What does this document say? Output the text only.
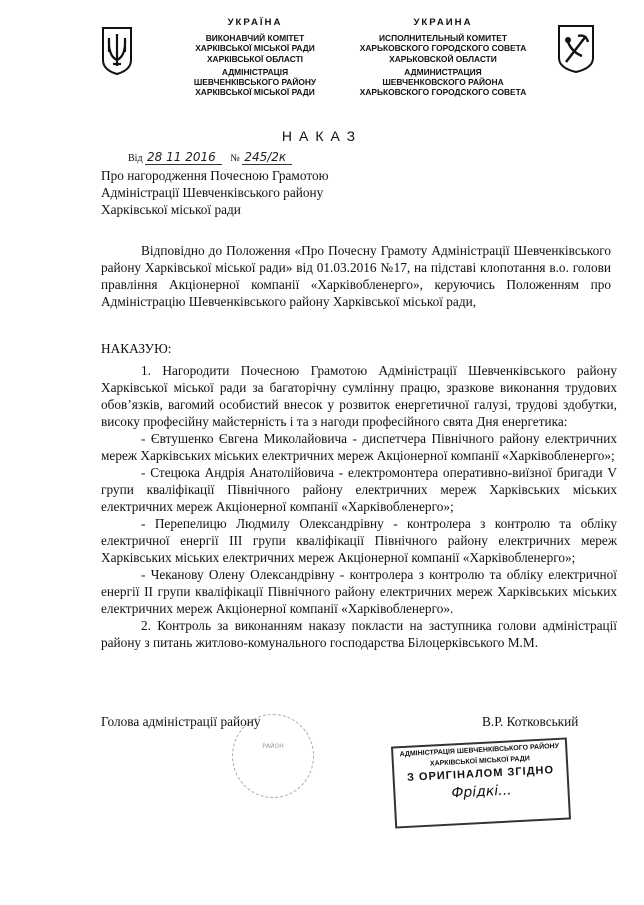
УКРАЇНА
ВИКОНАВЧИЙ КОМІТЕТ
ХАРКІВСЬКОЇ МІСЬКОЇ РАДИ
ХАРКІВСЬКОЇ ОБЛАСТІ
АДМІНІСТРАЦІЯ
ШЕВЧЕНКІВСЬКОГО РАЙОНУ
ХАРКІВСЬКОЇ МІСЬКОЇ РАДИ
УКРАИНА
ИСПОЛНИТЕЛЬНЫЙ КОМИТЕТ
ХАРЬКОВСКОГО ГОРОДСКОГО СОВЕТА
ХАРЬКОВСКОЙ ОБЛАСТИ
АДМИНИСТРАЦИЯ
ШЕВЧЕНКОВСКОГО РАЙОНА
ХАРЬКОВСКОГО ГОРОДСКОГО СОВЕТА
НАКАЗ
Від 28 11 2016 № 245/2к
Про нагородження Почесною Грамотою
Адміністрації Шевченківського району
Харківської міської ради
Відповідно до Положення «Про Почесну Грамоту Адміністрації Шевченківського району Харківської міської ради» від 01.03.2016 №17, на підставі клопотання в.о. голови правління Акціонерної компанії «Харківобленерго», керуючись Положенням про Адміністрацію Шевченківського району Харківської міської ради,
НАКАЗУЮ:

1. Нагородити Почесною Грамотою Адміністрації Шевченківського району Харківської міської ради за багаторічну сумлінну працю, зразкове виконання трудових обов’язків, вагомий особистий внесок у розвиток енергетичної галузі, трудові здобутки, високу професійну майстерність і та з нагоди професійного свята Дня енергетика:

- Євтушенко Євгена Миколайовича - диспетчера Північного району електричних мереж Харківських міських електричних мереж Акціонерної компанії «Харківобленерго»;

- Стецюка Андрія Анатолійовича - електромонтера оперативно-виїзної бригади V групи кваліфікації Північного району електричних мереж Харківських міських електричних мереж Акціонерної компанії «Харківобленерго»;

- Перепелицю Людмилу Олександрівну - контролера з контролю та обліку електричної енергії ІІІ групи кваліфікації Північного району електричних мереж Харківських міських електричних мереж Акціонерної компанії «Харківобленерго»;

- Чеканову Олену Олександрівну - контролера з контролю та обліку електричної енергії ІІ групи кваліфікації Північного району електричних мереж Харківських міських електричних мереж Акціонерної компанії «Харківобленерго».

2. Контроль за виконанням наказу покласти на заступника голови адміністрації району з питань житлово-комунального господарства Білоцерківського М.М.

РАЙОН
Голова адміністрації району	В.Р. Котковський
АДМІНІСТРАЦІЯ ШЕВЧЕНКІВСЬКОГО РАЙОНУ
ХАРКІВСЬКОЇ МІСЬКОЇ РАДИ
З ОРИГІНАЛОМ ЗГІДНО
Фрідкі...
